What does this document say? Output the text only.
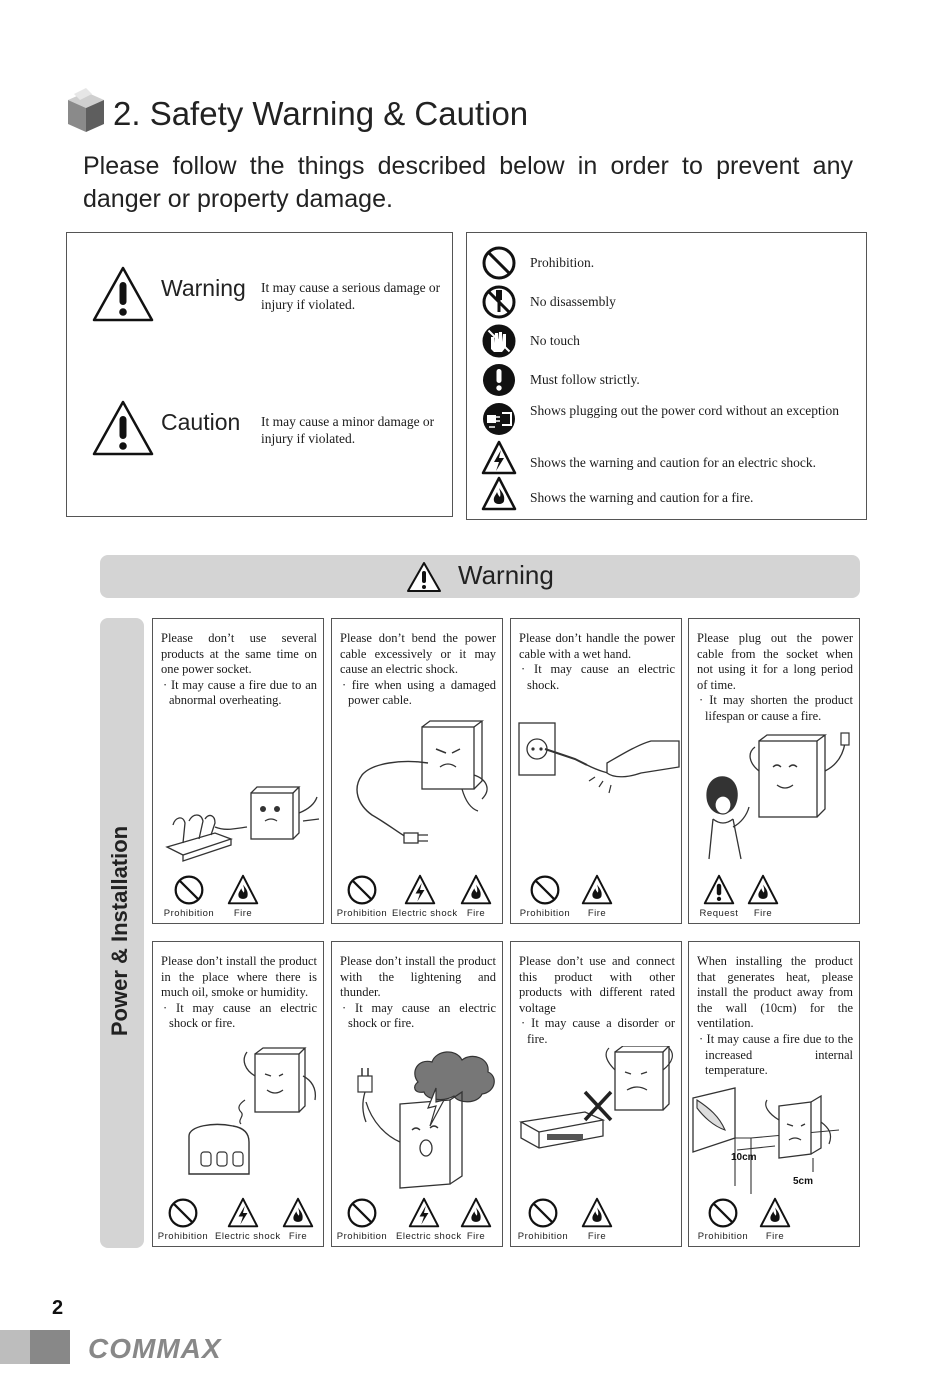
2. Safety Warning & Caution
Please follow the things described below in order to prevent any danger or property damage.
Warning It may cause a serious damage or injury if violated.
Caution It may cause a minor damage or injury if violated.
Prohibition.
No disassembly
No touch
Must follow strictly.
Shows plugging out the power cord without an exception
Shows the warning and caution for an electric shock.
Shows the warning and caution for a fire.
Warning
Power & Installation
Please don’t use several products at the same time on one power socket.
· It may cause a fire due to an abnormal overheating.
Prohibition	Fire
Please don’t bend the power cable excessively or it may cause an electric shock.
· fire when using a damaged power cable.
Prohibition Electric shock Fire
Please don’t handle the power cable with a wet hand.
· It may cause an electric shock.
Prohibition	Fire
Please plug out the power cable from the socket when not using it for a long period of time.
· It may shorten the product lifespan or cause a fire.
Request	Fire
Please don’t install the product in the place where there is much oil, smoke or humidity.
· It may cause an electric shock or fire.
Prohibition Electric shock Fire
Please don’t install the product with the lightening and thunder.
· It may cause an electric shock or fire.
Prohibition Electric shock Fire
Please don’t use and connect this product with other products with different rated voltage
· It may cause a disorder or fire.
Prohibition	Fire
When installing the product that generates heat, please install the product away from the wall (10cm) for the ventilation.
· It may cause a fire due to the increased internal temperature.
10cm
5cm
Prohibition	Fire
2
COMMAX
